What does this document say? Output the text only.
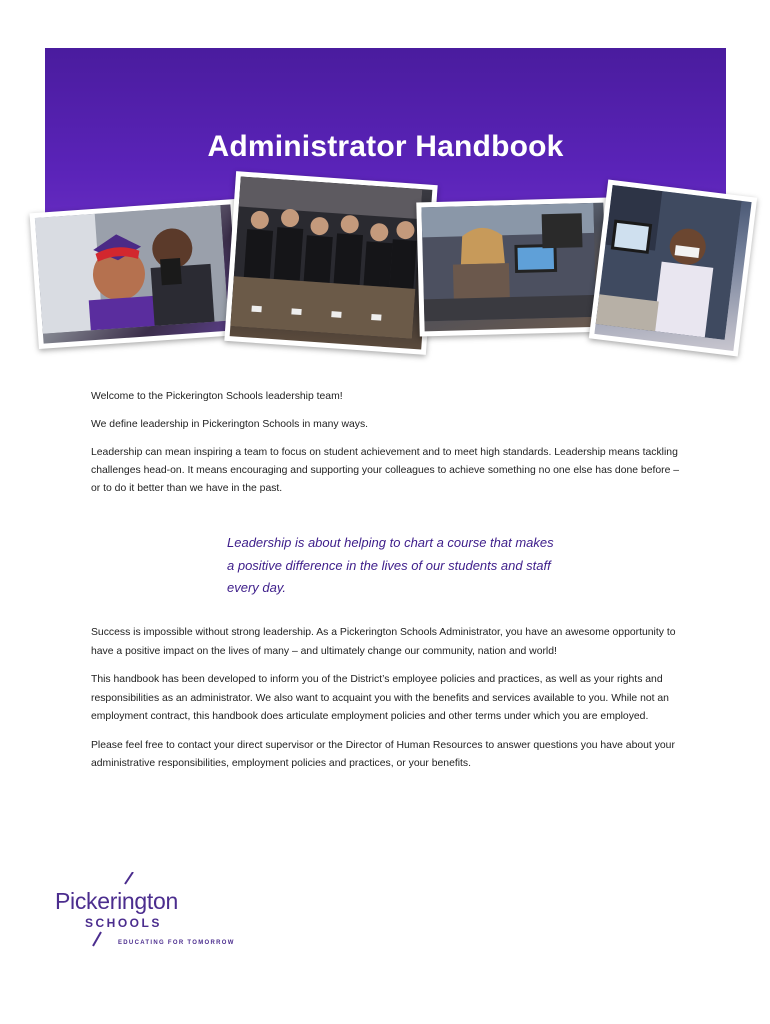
Administrator Handbook

Welcome to the Pickerington Schools leadership team!

We define leadership in Pickerington Schools in many ways.

Leadership can mean inspiring a team to focus on student achievement and to meet high standards. Leadership means tackling challenges head-on. It means encouraging and supporting your colleagues to achieve something no one else has done before – or to do it better than we have in the past.

Leadership is about helping to chart a course that makes a positive difference in the lives of our students and staff every day.

Success is impossible without strong leadership. As a Pickerington Schools Administrator, you have an awesome opportunity to have a positive impact on the lives of many – and ultimately change our community, nation and world!

This handbook has been developed to inform you of the District’s employee policies and practices, as well as your rights and responsibilities as an administrator. We also want to acquaint you with the benefits and services available to you. While not an employment contract, this handbook does articulate employment policies and other terms under which you are employed.

Please feel free to contact your direct supervisor or the Director of Human Resources to answer questions you have about your administrative responsibilities, employment policies and practices, or your benefits.

Pickerington
SCHOOLS
EDUCATING FOR TOMORROW
